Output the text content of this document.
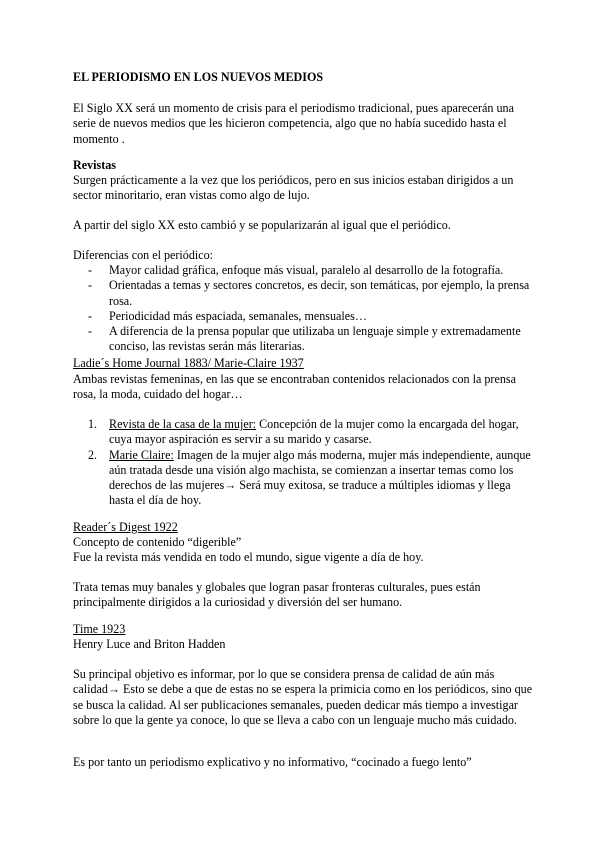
EL PERIODISMO EN LOS NUEVOS MEDIOS

El Siglo XX será un momento de crisis para el periodismo tradicional, pues aparecerán una serie de nuevos medios que les hicieron competencia, algo que no había sucedido hasta el momento .

Revistas

Surgen prácticamente a la vez que los periódicos, pero en sus inicios estaban dirigidos a un sector minoritario, eran vistas como algo de lujo.

A partir del siglo XX esto cambió y se popularizarán al igual que el periódico.

Diferencias con el periódico:

- Mayor calidad gráfica, enfoque más visual, paralelo al desarrollo de la fotografía.
- Orientadas a temas y sectores concretos, es decir, son temáticas, por ejemplo, la prensa rosa.
- Periodicidad más espaciada, semanales, mensuales…
- A diferencia de la prensa popular que utilizaba un lenguaje simple y extremadamente conciso, las revistas serán más literarias.

Ladie´s Home Journal 1883/ Marie-Claire 1937

Ambas revistas femeninas, en las que se encontraban contenidos relacionados con la prensa rosa, la moda, cuidado del hogar…

1. Revista de la casa de la mujer: Concepción de la mujer como la encargada del hogar, cuya mayor aspiración es servir a su marido y casarse.
2. Marie Claire: Imagen de la mujer algo más moderna, mujer más independiente, aunque aún tratada desde una visión algo machista, se comienzan a insertar temas como los derechos de las mujeres→ Será muy exitosa, se traduce a múltiples idiomas y llega hasta el día de hoy.

Reader´s Digest 1922

Concepto de contenido “digerible”

Fue la revista más vendida en todo el mundo, sigue vigente a día de hoy.

Trata temas muy banales y globales que logran pasar fronteras culturales, pues están principalmente dirigidos a la curiosidad y diversión del ser humano.

Time 1923

Henry Luce and Briton Hadden

Su principal objetivo es informar, por lo que se considera prensa de calidad de aún más calidad→ Esto se debe a que de estas no se espera la primicia como en los periódicos, sino que se busca la calidad. Al ser publicaciones semanales, pueden dedicar más tiempo a investigar sobre lo que la gente ya conoce, lo que se lleva a cabo con un lenguaje mucho más cuidado.

Es por tanto un periodismo explicativo y no informativo, “cocinado a fuego lento”
